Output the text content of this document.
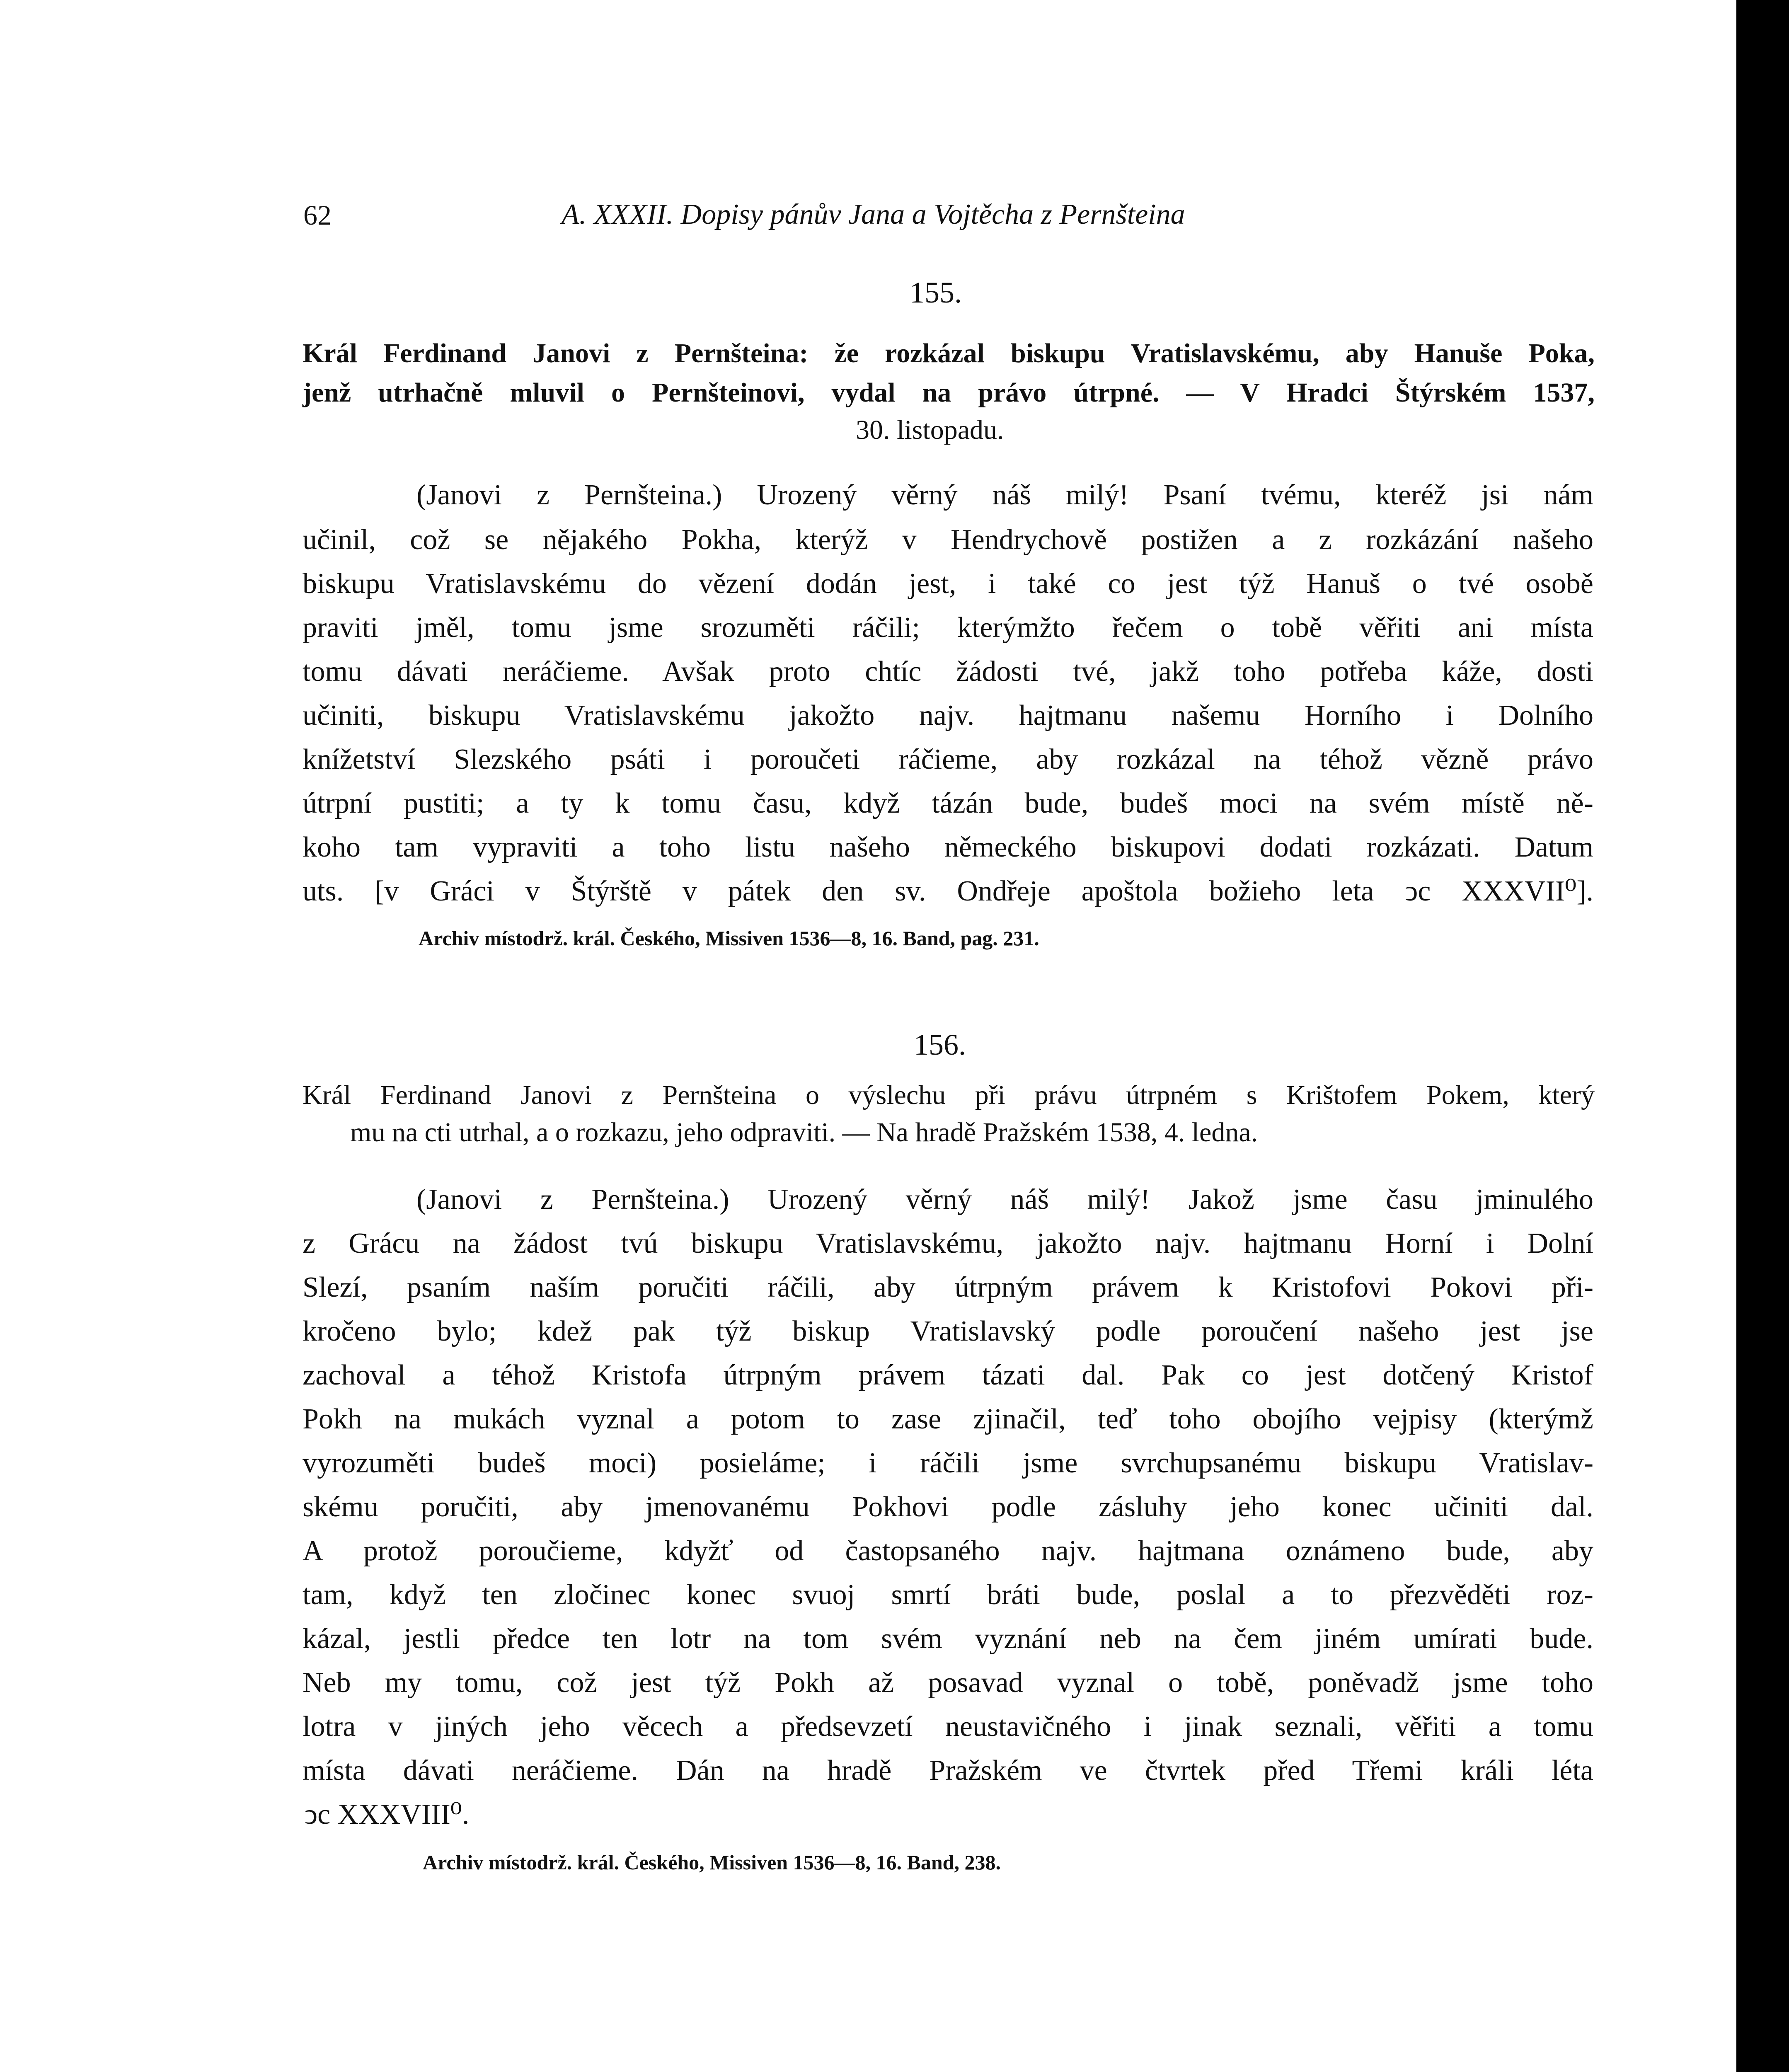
62	A. XXXII. Dopisy pánův Jana a Vojtěcha z Pernšteina
155.
Král Ferdinand Janovi z Pernšteina: že rozkázal biskupu Vratislavskému, aby Hanuše Poka,
jenž utrhačně mluvil o Pernšteinovi, vydal na právo útrpné. — V Hradci Štýrském 1537,
30. listopadu.
(Janovi z Pernšteina.) Urozený věrný náš milý! Psaní tvému, kteréž jsi nám
učinil, což se nějakého Pokha, kterýž v Hendrychově postižen a z rozkázání našeho
biskupu Vratislavskému do vězení dodán jest, i také co jest týž Hanuš o tvé osobě
praviti jměl, tomu jsme srozuměti ráčili; kterýmžto řečem o tobě věřiti ani místa
tomu dávati neráčieme. Avšak proto chtíc žádosti tvé, jakž toho potřeba káže, dosti
učiniti, biskupu Vratislavskému jakožto najv. hajtmanu našemu Horního i Dolního
knížetství Slezského psáti i poroučeti ráčieme, aby rozkázal na téhož vězně právo
útrpní pustiti; a ty k tomu času, když tázán bude, budeš moci na svém místě ně-
koho tam vypraviti a toho listu našeho německého biskupovi dodati rozkázati. Datum
uts. [v Gráci v Štýrště v pátek den sv. Ondřeje apoštola božieho leta ↄc XXXVII⁰].
Archiv místodrž. král. Českého, Missiven 1536—8, 16. Band, pag. 231.
156.
Král Ferdinand Janovi z Pernšteina o výslechu při právu útrpném s Krištofem Pokem, který
mu na cti utrhal, a o rozkazu, jeho odpraviti. — Na hradě Pražském 1538, 4. ledna.
(Janovi z Pernšteina.) Urozený věrný náš milý! Jakož jsme času jminulého
z Grácu na žádost tvú biskupu Vratislavskému, jakožto najv. hajtmanu Horní i Dolní
Slezí, psaním naším poručiti ráčili, aby útrpným právem k Kristofovi Pokovi při-
kročeno bylo; kdež pak týž biskup Vratislavský podle poroučení našeho jest jse
zachoval a téhož Kristofa útrpným právem tázati dal. Pak co jest dotčený Kristof
Pokh na mukách vyznal a potom to zase zjinačil, teď toho obojího vejpisy (kterýmž
vyrozuměti budeš moci) posieláme; i ráčili jsme svrchupsanému biskupu Vratislav-
skému poručiti, aby jmenovanému Pokhovi podle zásluhy jeho konec učiniti dal.
A protož poroučieme, kdyžť od častopsaného najv. hajtmana oznámeno bude, aby
tam, když ten zločinec konec svuoj smrtí bráti bude, poslal a to přezvěděti roz-
kázal, jestli předce ten lotr na tom svém vyznání neb na čem jiném umírati bude.
Neb my tomu, což jest týž Pokh až posavad vyznal o tobě, poněvadž jsme toho
lotra v jiných jeho věcech a předsevzetí neustavičného i jinak seznali, věřiti a tomu
místa dávati neráčieme. Dán na hradě Pražském ve čtvrtek před Třemi králi léta
ↄc XXXVIII⁰.
Archiv místodrž. král. Českého, Missiven 1536—8, 16. Band, 238.
